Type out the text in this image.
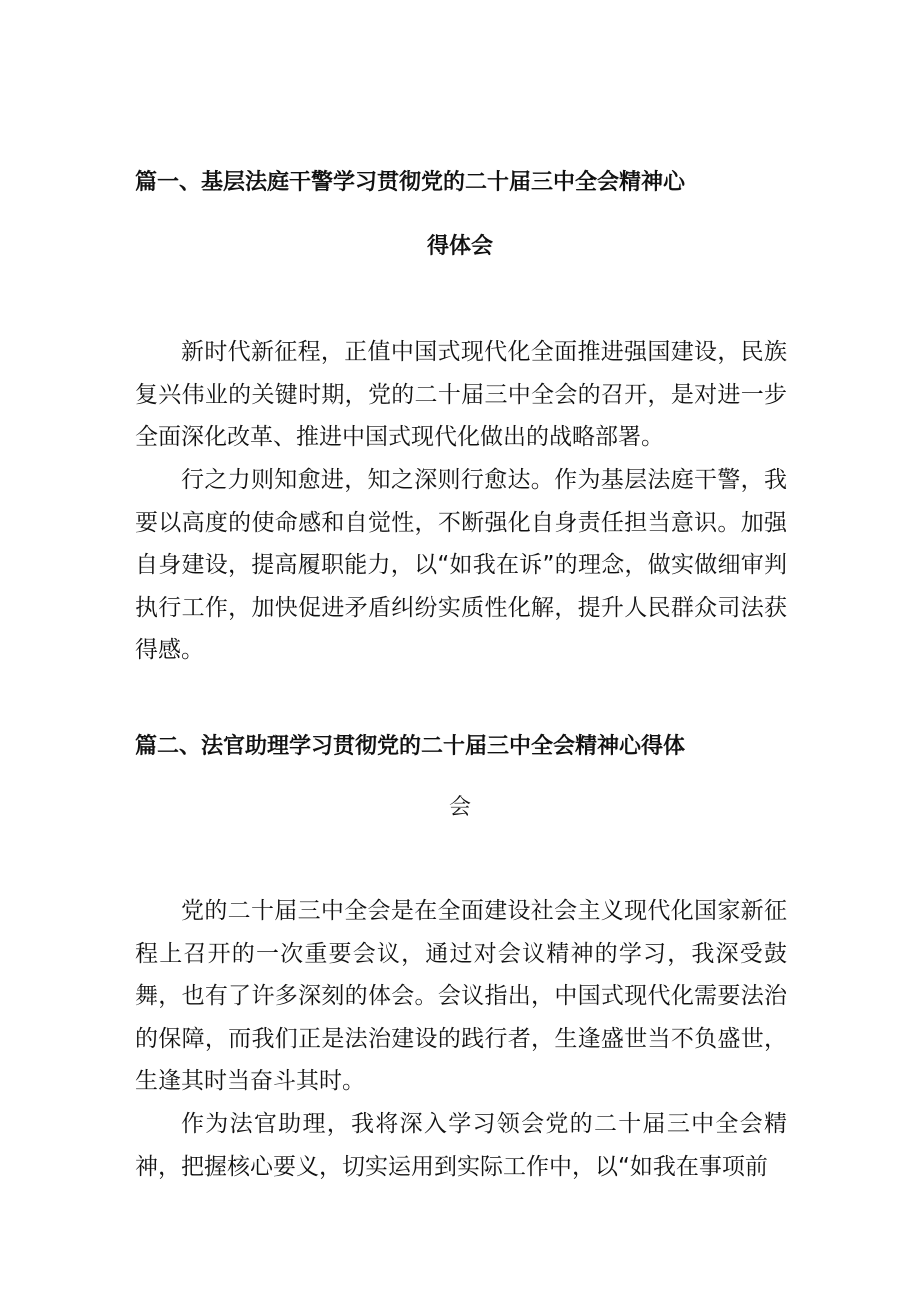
篇一、基层法庭干警学习贯彻党的二十届三中全会精神心
得体会

新时代新征程，正值中国式现代化全面推进强国建设，民族复兴伟业的关键时期，党的二十届三中全会的召开，是对进一步全面深化改革、推进中国式现代化做出的战略部署。

行之力则知愈进，知之深则行愈达。作为基层法庭干警，我要以高度的使命感和自觉性，不断强化自身责任担当意识。加强自身建设，提高履职能力，以“如我在诉”的理念，做实做细审判执行工作，加快促进矛盾纠纷实质性化解，提升人民群众司法获得感。

篇二、法官助理学习贯彻党的二十届三中全会精神心得体
会

党的二十届三中全会是在全面建设社会主义现代化国家新征程上召开的一次重要会议，通过对会议精神的学习，我深受鼓舞，也有了许多深刻的体会。会议指出，中国式现代化需要法治的保障，而我们正是法治建设的践行者，生逢盛世当不负盛世，生逢其时当奋斗其时。

作为法官助理，我将深入学习领会党的二十届三中全会精神，把握核心要义，切实运用到实际工作中，以“如我在事项前
